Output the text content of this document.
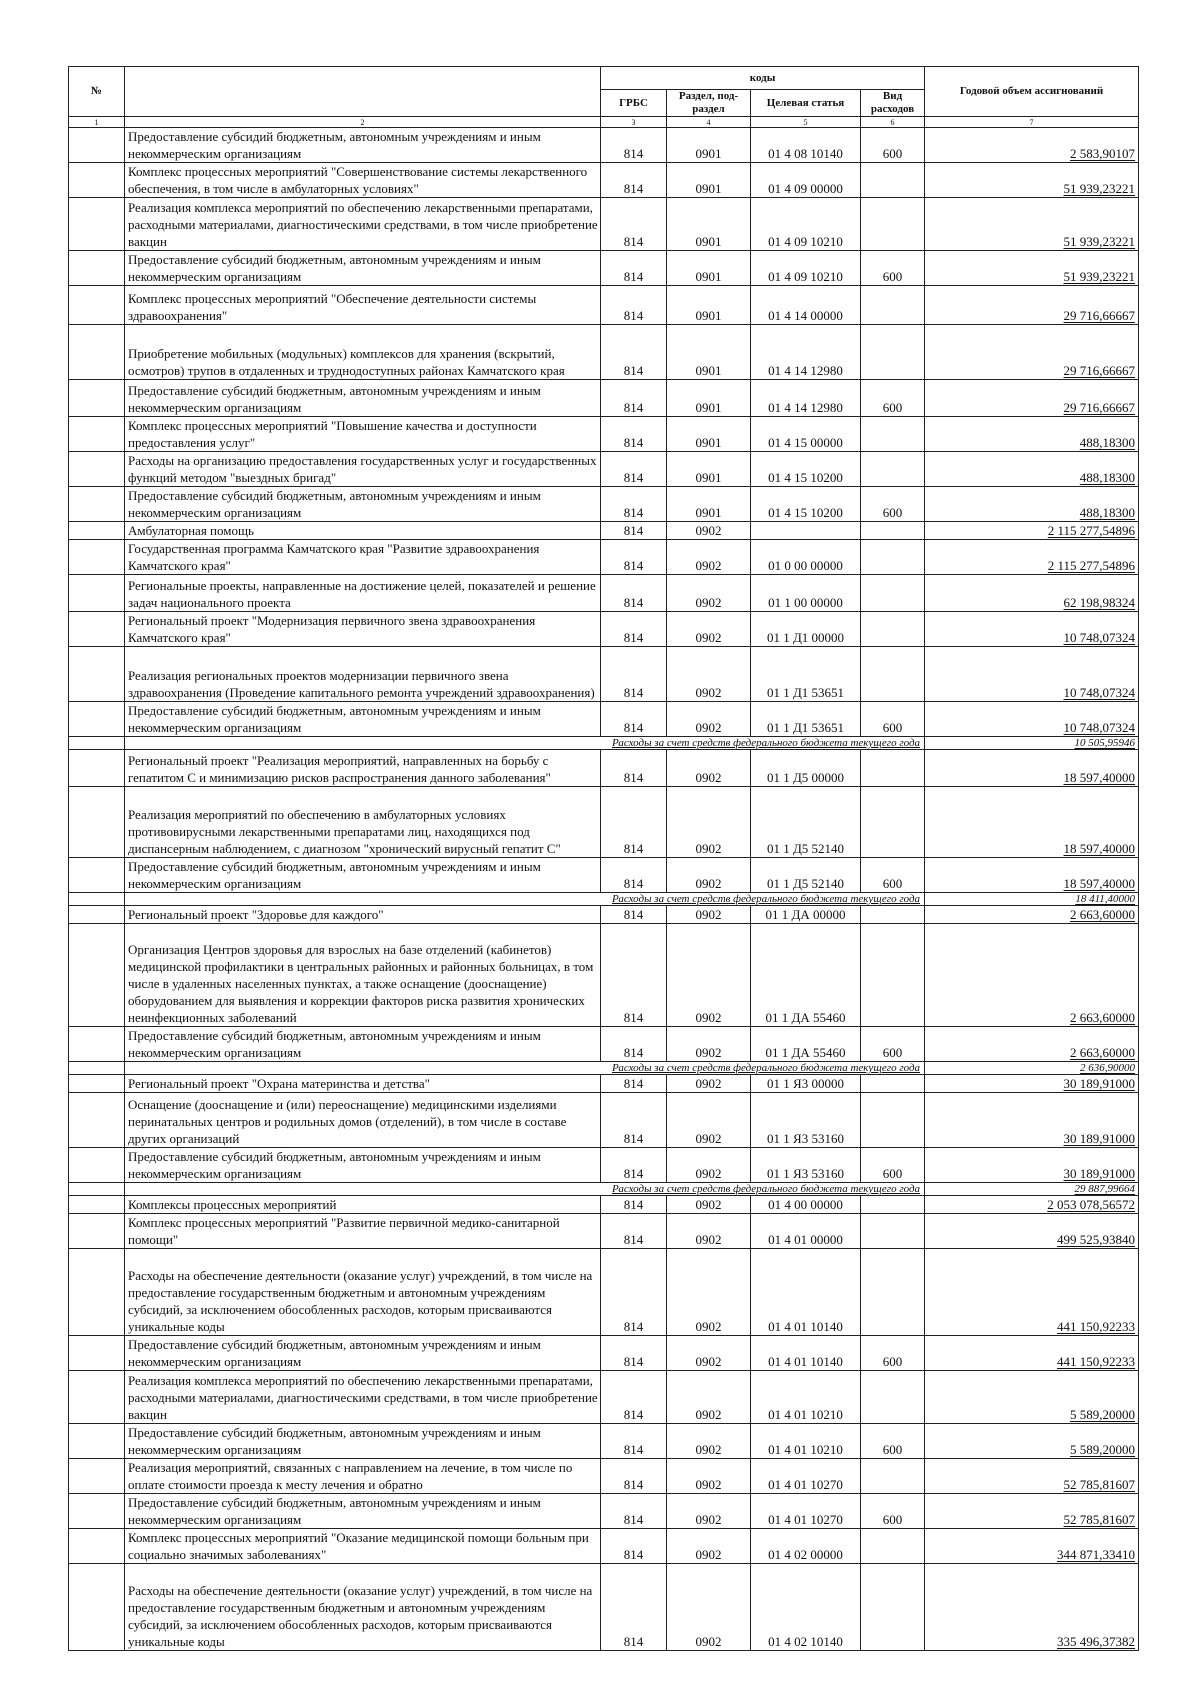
№		коды				Годовой объем ассигнований
		ГРБС	Раздел, под-раздел	Целевая статья	Вид расходов	
1	2	3	4	5	6	7
	Предоставление субсидий бюджетным, автономным учреждениям и иным некоммерческим организациям	814	0901	01 4 08 10140	600	2 583,90107
	Комплекс процессных мероприятий "Совершенствование системы лекарственного обеспечения, в том числе в амбулаторных условиях"	814	0901	01 4 09 00000		51 939,23221
	Реализация комплекса мероприятий по обеспечению лекарственными препаратами, расходными материалами, диагностическими средствами, в том числе приобретение вакцин	814	0901	01 4 09 10210		51 939,23221
	Предоставление субсидий бюджетным, автономным учреждениям и иным некоммерческим организациям	814	0901	01 4 09 10210	600	51 939,23221
	Комплекс процессных мероприятий "Обеспечение деятельности системы здравоохранения"	814	0901	01 4 14 00000		29 716,66667
	Приобретение мобильных (модульных) комплексов для хранения (вскрытий, осмотров) трупов в отдаленных и труднодоступных районах Камчатского края	814	0901	01 4 14 12980		29 716,66667
	Предоставление субсидий бюджетным, автономным учреждениям и иным некоммерческим организациям	814	0901	01 4 14 12980	600	29 716,66667
	Комплекс процессных мероприятий "Повышение качества и доступности предоставления услуг"	814	0901	01 4 15 00000		488,18300
	Расходы на организацию предоставления государственных услуг и государственных функций методом "выездных бригад"	814	0901	01 4 15 10200		488,18300
	Предоставление субсидий бюджетным, автономным учреждениям и иным некоммерческим организациям	814	0901	01 4 15 10200	600	488,18300
	Амбулаторная помощь	814	0902			2 115 277,54896
	Государственная программа Камчатского края "Развитие здравоохранения Камчатского края"	814	0902	01 0 00 00000		2 115 277,54896
	Региональные проекты, направленные на достижение целей, показателей и решение задач национального проекта	814	0902	01 1 00 00000		62 198,98324
	Региональный проект "Модернизация первичного звена здравоохранения Камчатского края"	814	0902	01 1 Д1 00000		10 748,07324
	Реализация региональных проектов модернизации первичного звена здравоохранения (Проведение капитального ремонта учреждений здравоохранения)	814	0902	01 1 Д1 53651		10 748,07324
	Предоставление субсидий бюджетным, автономным учреждениям и иным некоммерческим организациям	814	0902	01 1 Д1 53651	600	10 748,07324
	Расходы за счет средств федерального бюджета текущего года					10 505,95946
	Региональный проект "Реализация мероприятий, направленных на борьбу с гепатитом С и минимизацию рисков распространения данного заболевания"	814	0902	01 1 Д5 00000		18 597,40000
	Реализация мероприятий по обеспечению в амбулаторных условиях противовирусными лекарственными препаратами лиц, находящихся под диспансерным наблюдением, с диагнозом "хронический вирусный гепатит С"	814	0902	01 1 Д5 52140		18 597,40000
	Предоставление субсидий бюджетным, автономным учреждениям и иным некоммерческим организациям	814	0902	01 1 Д5 52140	600	18 597,40000
	Расходы за счет средств федерального бюджета текущего года					18 411,40000
	Региональный проект "Здоровье для каждого"	814	0902	01 1 ДА 00000		2 663,60000
	Организация Центров здоровья для взрослых на базе отделений (кабинетов) медицинской профилактики в центральных районных и районных больницах, в том числе в удаленных населенных пунктах, а также оснащение (дооснащение) оборудованием для выявления и коррекции факторов риска развития хронических неинфекционных заболеваний	814	0902	01 1 ДА 55460		2 663,60000
	Предоставление субсидий бюджетным, автономным учреждениям и иным некоммерческим организациям	814	0902	01 1 ДА 55460	600	2 663,60000
	Расходы за счет средств федерального бюджета текущего года					2 636,90000
	Региональный проект "Охрана материнства и детства"	814	0902	01 1 Я3 00000		30 189,91000
	Оснащение (дооснащение и (или) переоснащение) медицинскими изделиями перинатальных центров и родильных домов (отделений), в том числе в составе других организаций	814	0902	01 1 Я3 53160		30 189,91000
	Предоставление субсидий бюджетным, автономным учреждениям и иным некоммерческим организациям	814	0902	01 1 Я3 53160	600	30 189,91000
	Расходы за счет средств федерального бюджета текущего года					29 887,99664
	Комплексы процессных мероприятий	814	0902	01 4 00 00000		2 053 078,56572
	Комплекс процессных мероприятий "Развитие первичной медико-санитарной помощи"	814	0902	01 4 01 00000		499 525,93840
	Расходы на обеспечение деятельности (оказание услуг) учреждений, в том числе на предоставление государственным бюджетным и автономным учреждениям субсидий, за исключением обособленных расходов, которым присваиваются уникальные коды	814	0902	01 4 01 10140		441 150,92233
	Предоставление субсидий бюджетным, автономным учреждениям и иным некоммерческим организациям	814	0902	01 4 01 10140	600	441 150,92233
	Реализация комплекса мероприятий по обеспечению лекарственными препаратами, расходными материалами, диагностическими средствами, в том числе приобретение вакцин	814	0902	01 4 01 10210		5 589,20000
	Предоставление субсидий бюджетным, автономным учреждениям и иным некоммерческим организациям	814	0902	01 4 01 10210	600	5 589,20000
	Реализация мероприятий, связанных с направлением на лечение, в том числе по оплате стоимости проезда к месту лечения и обратно	814	0902	01 4 01 10270		52 785,81607
	Предоставление субсидий бюджетным, автономным учреждениям и иным некоммерческим организациям	814	0902	01 4 01 10270	600	52 785,81607
	Комплекс процессных мероприятий "Оказание медицинской помощи больным при социально значимых заболеваниях"	814	0902	01 4 02 00000		344 871,33410
	Расходы на обеспечение деятельности (оказание услуг) учреждений, в том числе на предоставление государственным бюджетным и автономным учреждениям субсидий, за исключением обособленных расходов, которым присваиваются уникальные коды	814	0902	01 4 02 10140		335 496,37382
